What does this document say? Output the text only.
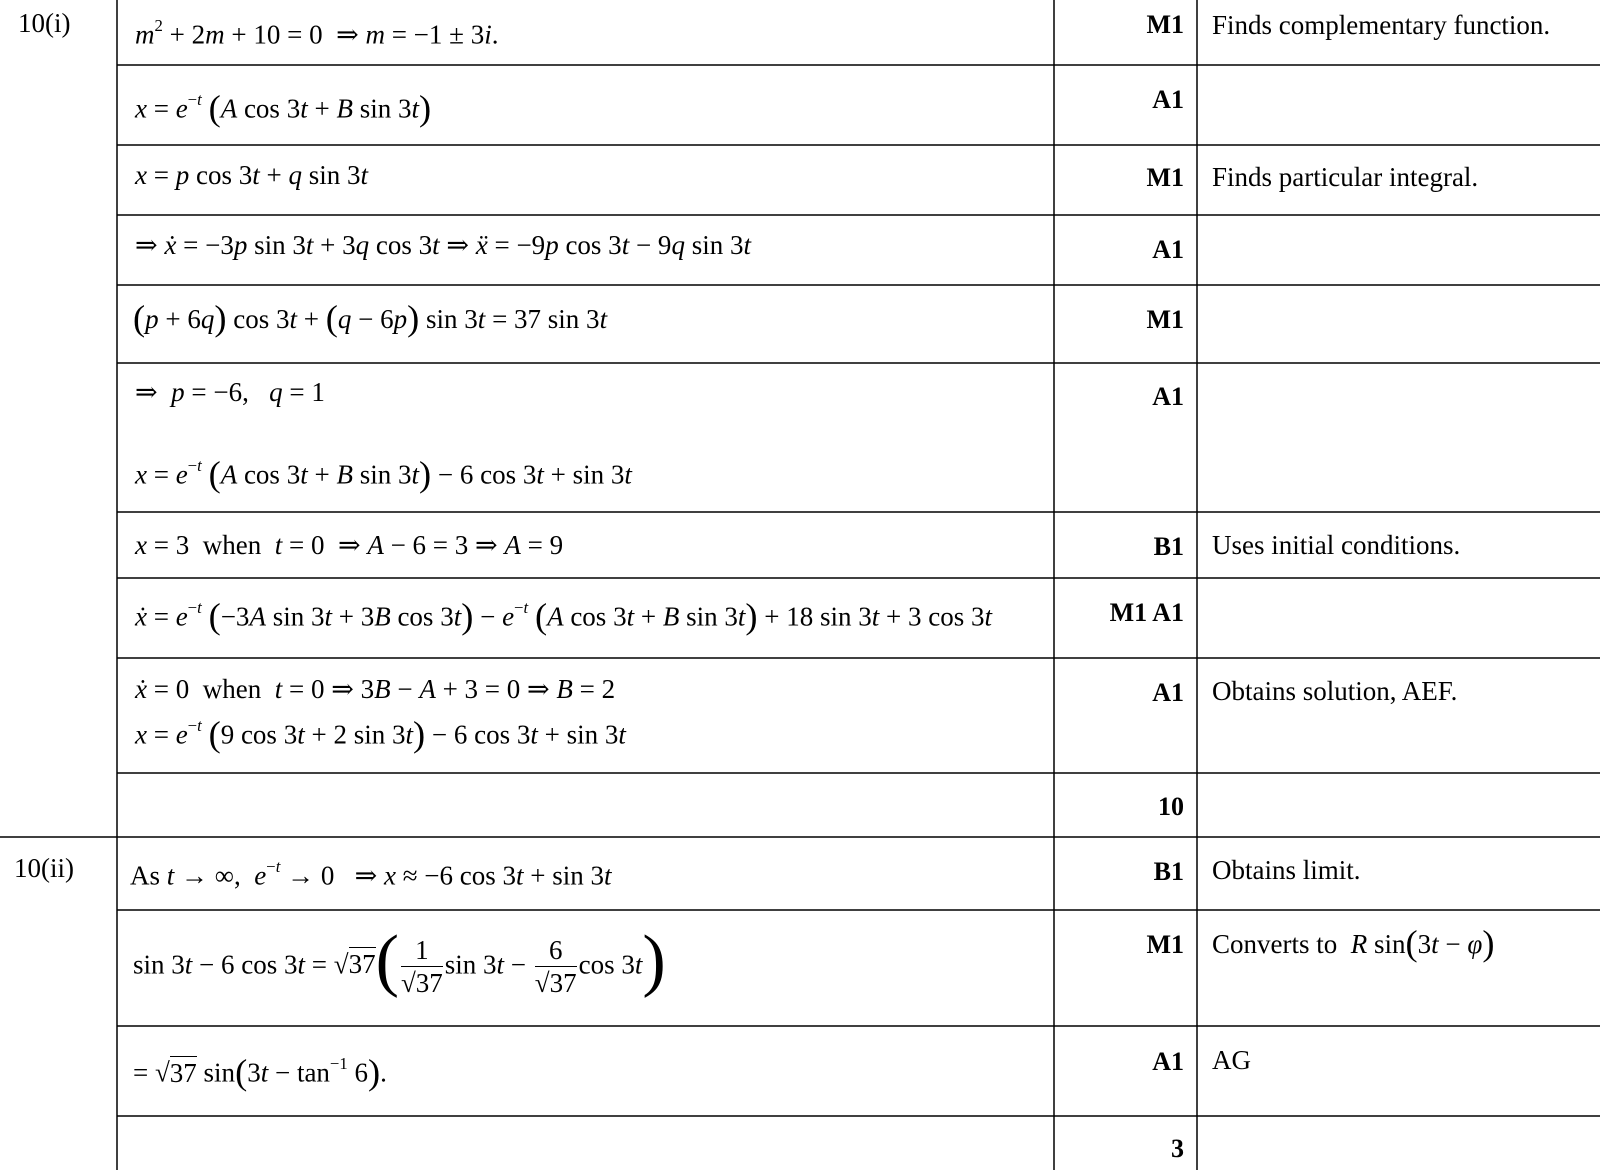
10(i)
10(ii)
$m^2 + 2m + 10 = 0$  ⇒ m = −1 ± 3i.
$x = e^{-t}$ (A cos 3t + B sin 3t)
x = p cos 3t + q sin 3t
⇒ ẋ = −3p sin 3t + 3q cos 3t ⇒ ẍ = −9p cos 3t − 9q sin 3t
(p + 6q) cos 3t + (q − 6p) sin 3t = 37 sin 3t
⇒  p = −6,   q = 1
$x = e^{-t}$ (A cos 3t + B sin 3t) − 6 cos 3t + sin 3t
x = 3  when  t = 0  ⇒ A − 6 = 3 ⇒ A = 9
ẋ = $e^{-t}$ (−3A sin 3t + 3B $\cos 3t) - e^{-t}$ (A cos 3t + B sin 3t) + 18 sin 3t + 3 cos 3t
ẋ = 0  when  t = 0 ⇒ 3B − A + 3 = 0 ⇒ B = 2
$x = e^{-t}$ (9 cos 3t + 2 sin 3t) − 6 cos 3t + sin 3t
As t → ∞,  $e^{-t} \to 0$   ⇒ x ≈ −6 cos 3t + sin 3t
sin 3t − 6 $\cos 3t = √37( \frac{1}{√37}$ $\sin 3t - \frac{6}{√37}$ cos 3t)
= √37 $\sin(3t - \tan^{-1} 6)$.
M1
A1
M1
A1
M1
A1
B1
M1 A1
A1
10
B1
M1
A1
3
Finds complementary function.
Finds particular integral.
Uses initial conditions.
Obtains solution, AEF.
Obtains limit.
Converts to  R sin(3t − φ)
AG
